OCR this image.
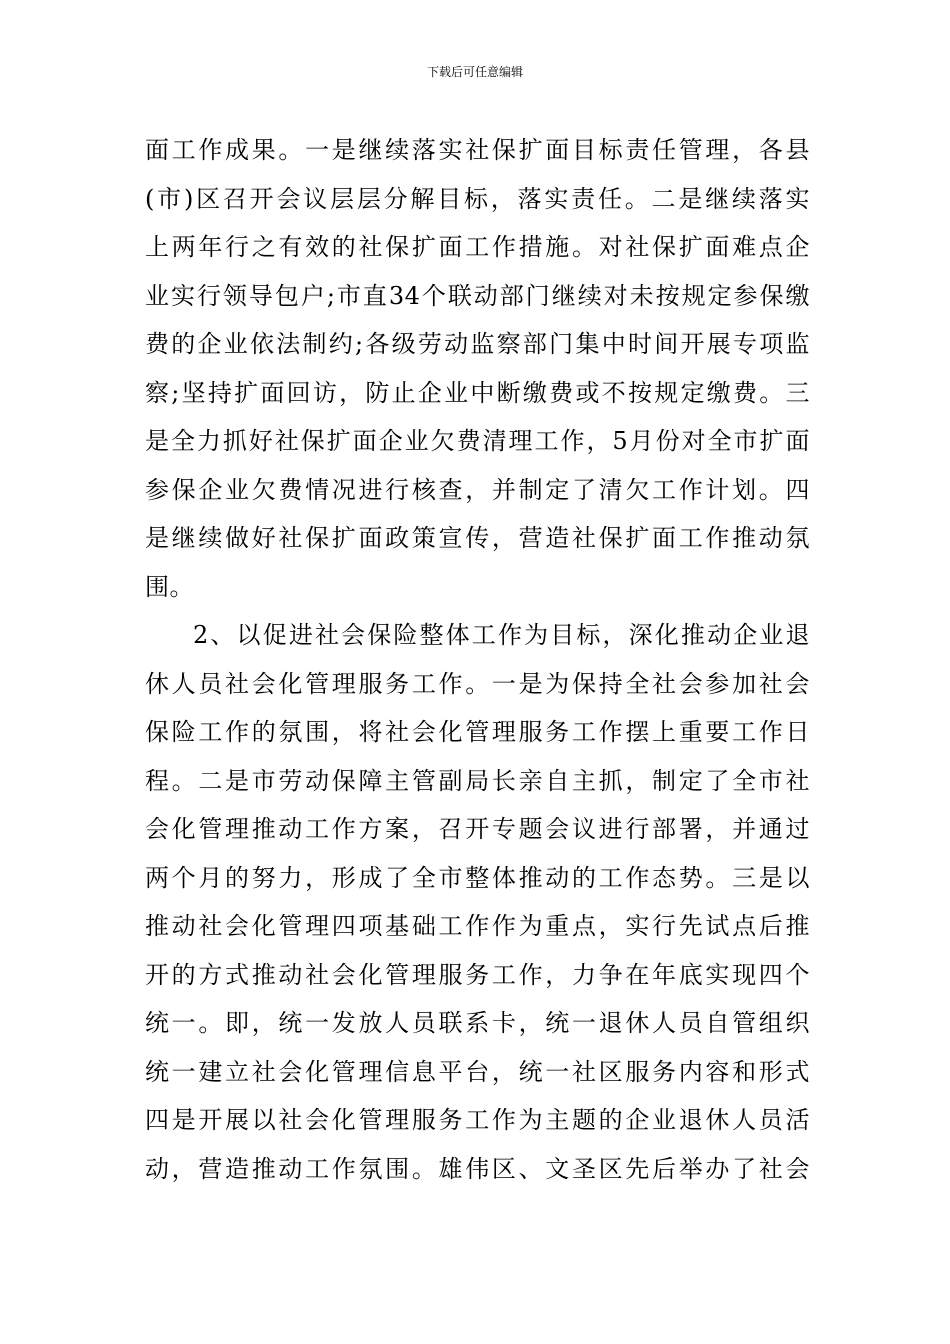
下载后可任意编辑
面工作成果。一是继续落实社保扩面目标责任管理，各县
(市)区召开会议层层分解目标，落实责任。二是继续落实
上两年行之有效的社保扩面工作措施。对社保扩面难点企
业实行领导包户;市直34个联动部门继续对未按规定参保缴
费的企业依法制约;各级劳动监察部门集中时间开展专项监
察;坚持扩面回访，防止企业中断缴费或不按规定缴费。三
是全力抓好社保扩面企业欠费清理工作，5月份对全市扩面
参保企业欠费情况进行核查，并制定了清欠工作计划。四
是继续做好社保扩面政策宣传，营造社保扩面工作推动氛
围。
2、以促进社会保险整体工作为目标，深化推动企业退
休人员社会化管理服务工作。一是为保持全社会参加社会
保险工作的氛围，将社会化管理服务工作摆上重要工作日
程。二是市劳动保障主管副局长亲自主抓，制定了全市社
会化管理推动工作方案，召开专题会议进行部署，并通过
两个月的努力，形成了全市整体推动的工作态势。三是以
推动社会化管理四项基础工作作为重点，实行先试点后推
开的方式推动社会化管理服务工作，力争在年底实现四个
统一。即，统一发放人员联系卡，统一退休人员自管组织
统一建立社会化管理信息平台，统一社区服务内容和形式
四是开展以社会化管理服务工作为主题的企业退休人员活
动，营造推动工作氛围。雄伟区、文圣区先后举办了社会
